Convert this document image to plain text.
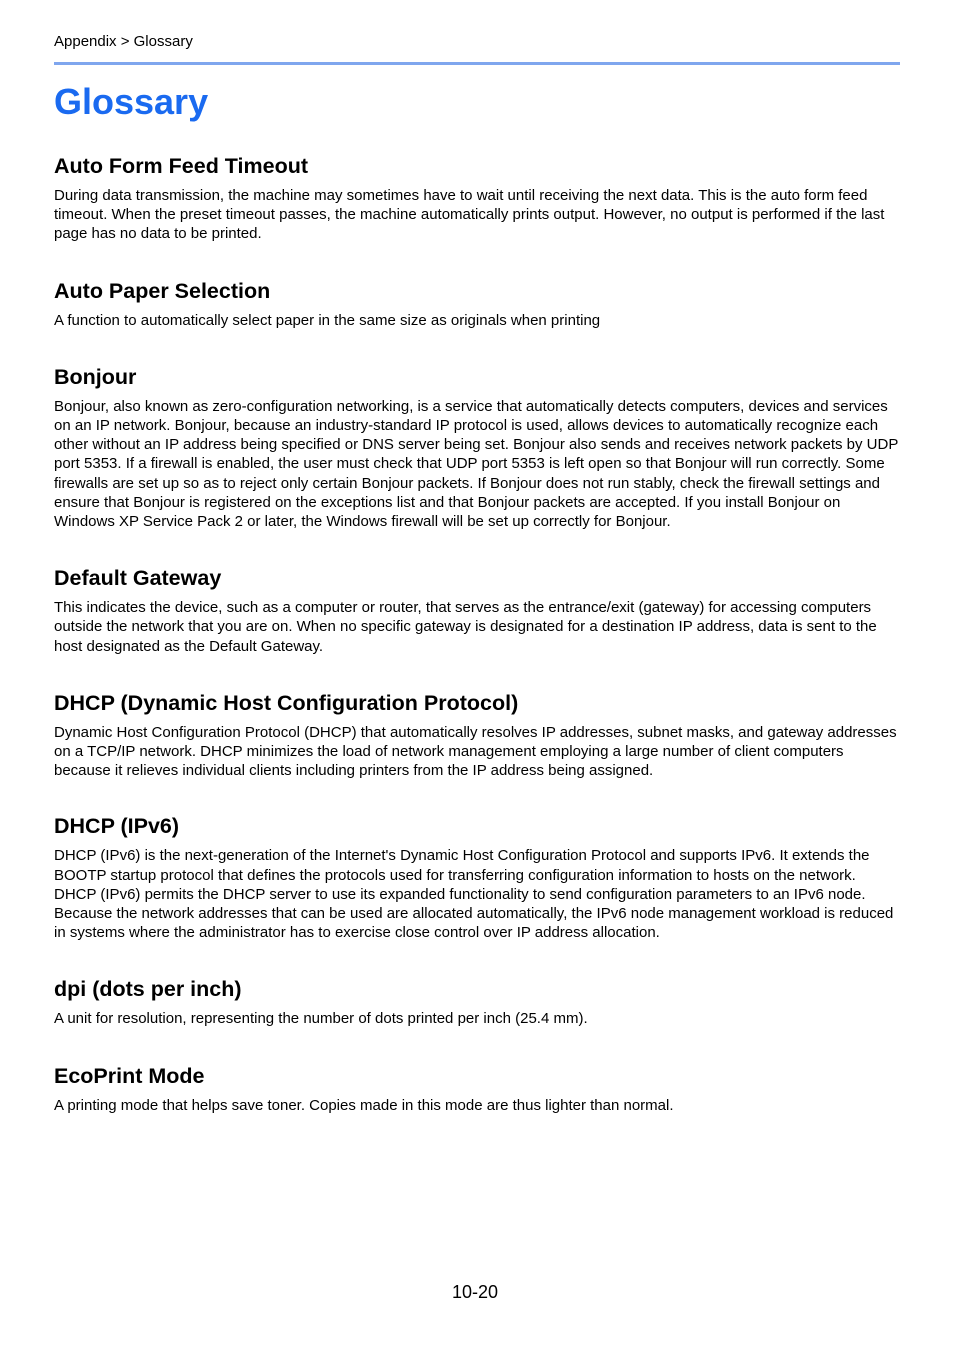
Appendix > Glossary
Glossary
Auto Form Feed Timeout

During data transmission, the machine may sometimes have to wait until receiving the next data. This is the auto form feed timeout. When the preset timeout passes, the machine automatically prints output. However, no output is performed if the last page has no data to be printed.

Auto Paper Selection

A function to automatically select paper in the same size as originals when printing

Bonjour

Bonjour, also known as zero-configuration networking, is a service that automatically detects computers, devices and services on an IP network. Bonjour, because an industry-standard IP protocol is used, allows devices to automatically recognize each other without an IP address being specified or DNS server being set. Bonjour also sends and receives network packets by UDP port 5353. If a firewall is enabled, the user must check that UDP port 5353 is left open so that Bonjour will run correctly. Some firewalls are set up so as to reject only certain Bonjour packets. If Bonjour does not run stably, check the firewall settings and ensure that Bonjour is registered on the exceptions list and that Bonjour packets are accepted. If you install Bonjour on Windows XP Service Pack 2 or later, the Windows firewall will be set up correctly for Bonjour.

Default Gateway

This indicates the device, such as a computer or router, that serves as the entrance/exit (gateway) for accessing computers outside the network that you are on. When no specific gateway is designated for a destination IP address, data is sent to the host designated as the Default Gateway.

DHCP (Dynamic Host Configuration Protocol)

Dynamic Host Configuration Protocol (DHCP) that automatically resolves IP addresses, subnet masks, and gateway addresses on a TCP/IP network. DHCP minimizes the load of network management employing a large number of client computers because it relieves individual clients including printers from the IP address being assigned.

DHCP (IPv6)

DHCP (IPv6) is the next-generation of the Internet's Dynamic Host Configuration Protocol and supports IPv6. It extends the BOOTP startup protocol that defines the protocols used for transferring configuration information to hosts on the network. DHCP (IPv6) permits the DHCP server to use its expanded functionality to send configuration parameters to an IPv6 node. Because the network addresses that can be used are allocated automatically, the IPv6 node management workload is reduced in systems where the administrator has to exercise close control over IP address allocation.

dpi (dots per inch)

A unit for resolution, representing the number of dots printed per inch (25.4 mm).

EcoPrint Mode

A printing mode that helps save toner. Copies made in this mode are thus lighter than normal.

10-20
